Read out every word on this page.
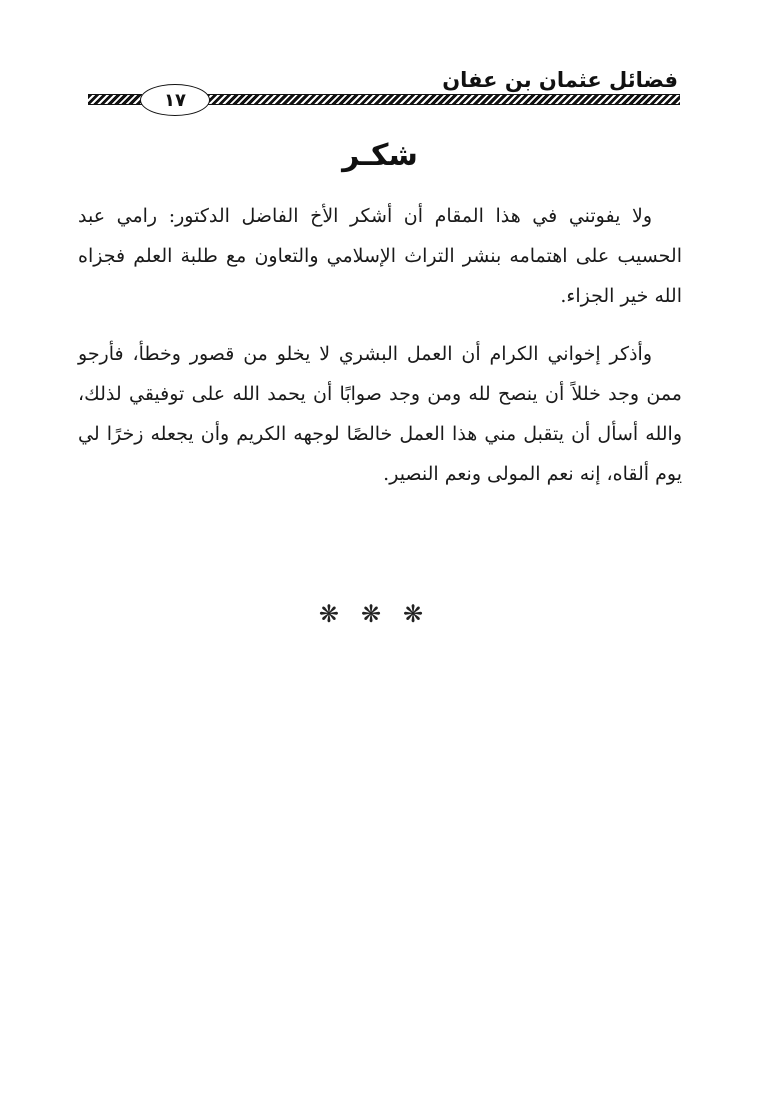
فضائل عثمان بن عفان
١٧
شكـر

ولا يفوتني في هذا المقام أن أشكر الأخ الفاضل الدكتور: رامي عبد الحسيب على اهتمامه بنشر التراث الإسلامي والتعاون مع طلبة العلم فجزاه الله خير الجزاء.

وأذكر إخواني الكرام أن العمل البشري لا يخلو من قصور وخطأ، فأرجو ممن وجد خللاً أن ينصح لله ومن وجد صوابًا أن يحمد الله على توفيقي لذلك، والله أسأل أن يتقبل مني هذا العمل خالصًا لوجهه الكريم وأن يجعله زخرًا لي يوم ألقاه، إنه نعم المولى ونعم النصير.

❋ ❋ ❋
